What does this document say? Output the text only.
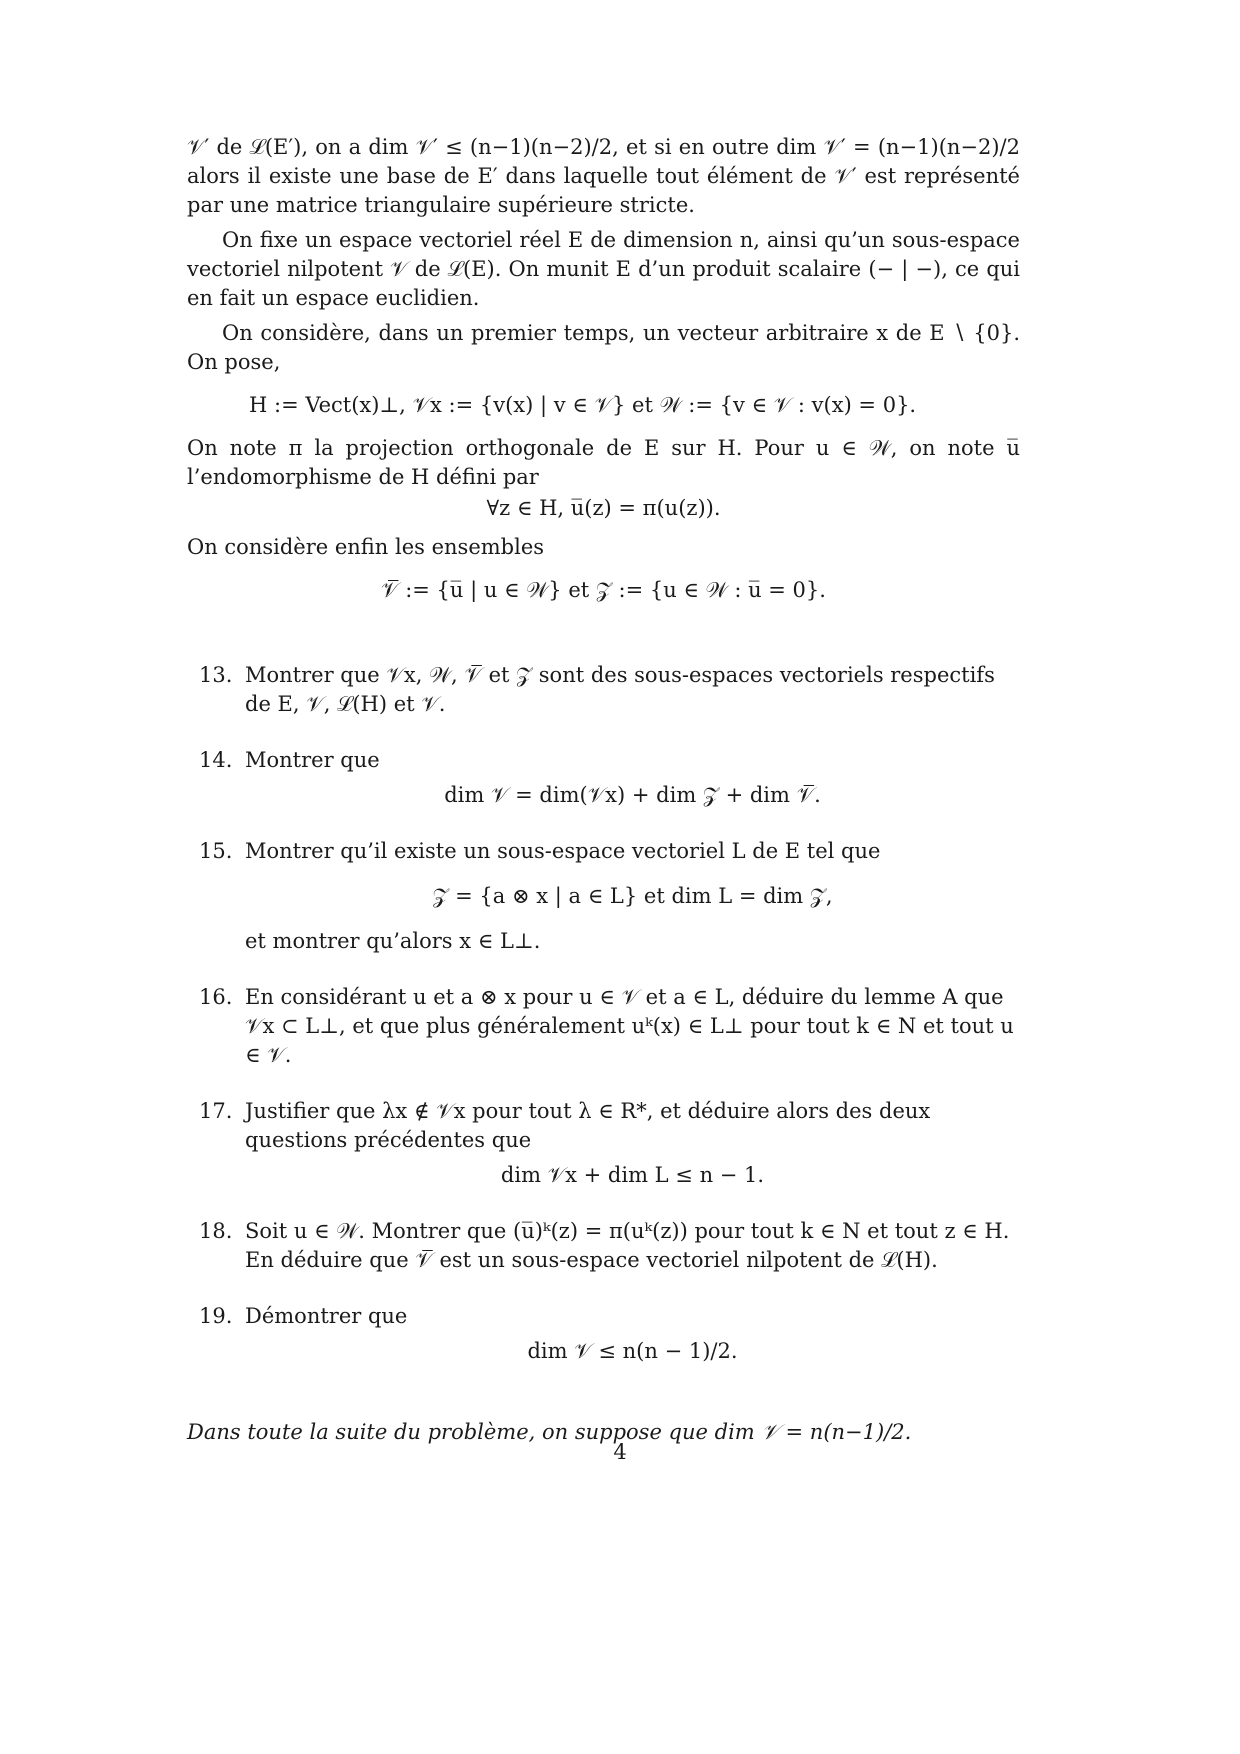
𝒱′ de ℒ(E′), on a dim 𝒱′ ≤ (n−1)(n−2)/2, et si en outre dim 𝒱′ = (n−1)(n−2)/2 alors il existe une base de E′ dans laquelle tout élément de 𝒱′ est représenté par une matrice triangulaire supérieure stricte.

On fixe un espace vectoriel réel E de dimension n, ainsi qu’un sous-espace vectoriel nilpotent 𝒱 de ℒ(E). On munit E d’un produit scalaire (− | −), ce qui en fait un espace euclidien.

On considère, dans un premier temps, un vecteur arbitraire x de E ∖ {0}. On pose,

H := Vect(x)⊥, 𝒱x := {v(x) | v ∈ 𝒱} et 𝒲 := {v ∈ 𝒱 : v(x) = 0}.

On note π la projection orthogonale de E sur H. Pour u ∈ 𝒲, on note u̅ l’endomorphisme de H défini par

∀z ∈ H, u̅(z) = π(u(z)).

On considère enfin les ensembles

𝒱̅ := {u̅ | u ∈ 𝒲} et 𝒵 := {u ∈ 𝒲 : u̅ = 0}.
13. Montrer que 𝒱x, 𝒲, 𝒱̅ et 𝒵 sont des sous-espaces vectoriels respectifs de E, 𝒱, ℒ(H) et 𝒱.
14. Montrer que
dim 𝒱 = dim(𝒱x) + dim 𝒵 + dim 𝒱̅.
15. Montrer qu’il existe un sous-espace vectoriel L de E tel que
𝒵 = {a ⊗ x | a ∈ L} et dim L = dim 𝒵,
et montrer qu’alors x ∈ L⊥.
16. En considérant u et a ⊗ x pour u ∈ 𝒱 et a ∈ L, déduire du lemme A que 𝒱x ⊂ L⊥, et que plus généralement uᵏ(x) ∈ L⊥ pour tout k ∈ N et tout u ∈ 𝒱.
17. Justifier que λx ∉ 𝒱x pour tout λ ∈ R*, et déduire alors des deux questions précédentes que
dim 𝒱x + dim L ≤ n − 1.
18. Soit u ∈ 𝒲. Montrer que (u̅)ᵏ(z) = π(uᵏ(z)) pour tout k ∈ N et tout z ∈ H. En déduire que 𝒱̅ est un sous-espace vectoriel nilpotent de ℒ(H).
19. Démontrer que
dim 𝒱 ≤ n(n − 1)/2.

Dans toute la suite du problème, on suppose que dim 𝒱 = n(n−1)/2.

4
